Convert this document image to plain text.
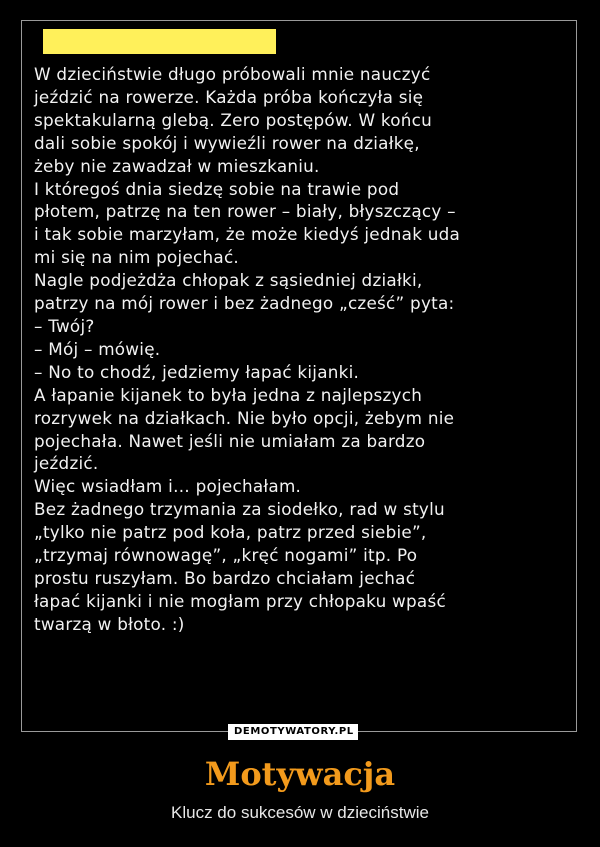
W dzieciństwie długo próbowali mnie nauczyć
jeździć na rowerze. Każda próba kończyła się
spektakularną glebą. Zero postępów. W końcu
dali sobie spokój i wywieźli rower na działkę,
żeby nie zawadzał w mieszkaniu.
I któregoś dnia siedzę sobie na trawie pod
płotem, patrzę na ten rower – biały, błyszczący –
i tak sobie marzyłam, że może kiedyś jednak uda
mi się na nim pojechać.
Nagle podjeżdża chłopak z sąsiedniej działki,
patrzy na mój rower i bez żadnego „cześć” pyta:
– Twój?
– Mój – mówię.
– No to chodź, jedziemy łapać kijanki.
A łapanie kijanek to była jedna z najlepszych
rozrywek na działkach. Nie było opcji, żebym nie
pojechała. Nawet jeśli nie umiałam za bardzo
jeździć.
Więc wsiadłam i… pojechałam.
Bez żadnego trzymania za siodełko, rad w stylu
„tylko nie patrz pod koła, patrz przed siebie”,
„trzymaj równowagę”, „kręć nogami” itp. Po
prostu ruszyłam. Bo bardzo chciałam jechać
łapać kijanki i nie mogłam przy chłopaku wpaść
twarzą w błoto. :)
DEMOTYWATORY.PL
Motywacja

Klucz do sukcesów w dzieciństwie
